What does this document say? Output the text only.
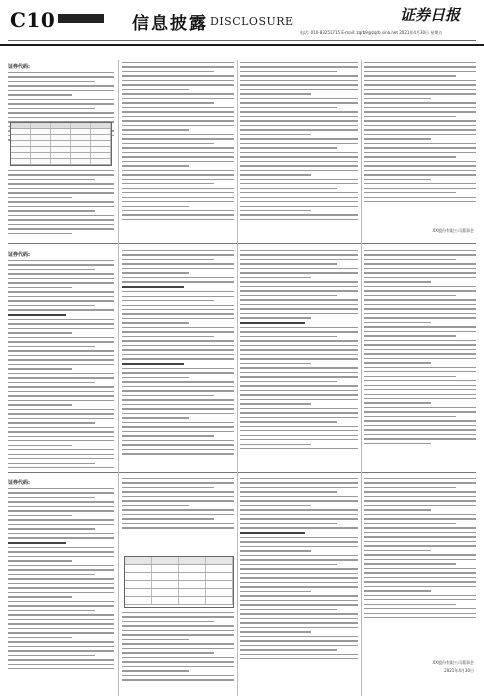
C10	信息披露 DISCLOSURE	证券日报
电话: 010-83251715 E-mail: zqrb9@zqrb.sina.net 2021年4月30日 星期五
证券代码:
XX股份有限公司董事会
证券代码:
证券代码:
XX股份有限公司董事会
2021年4月30日
